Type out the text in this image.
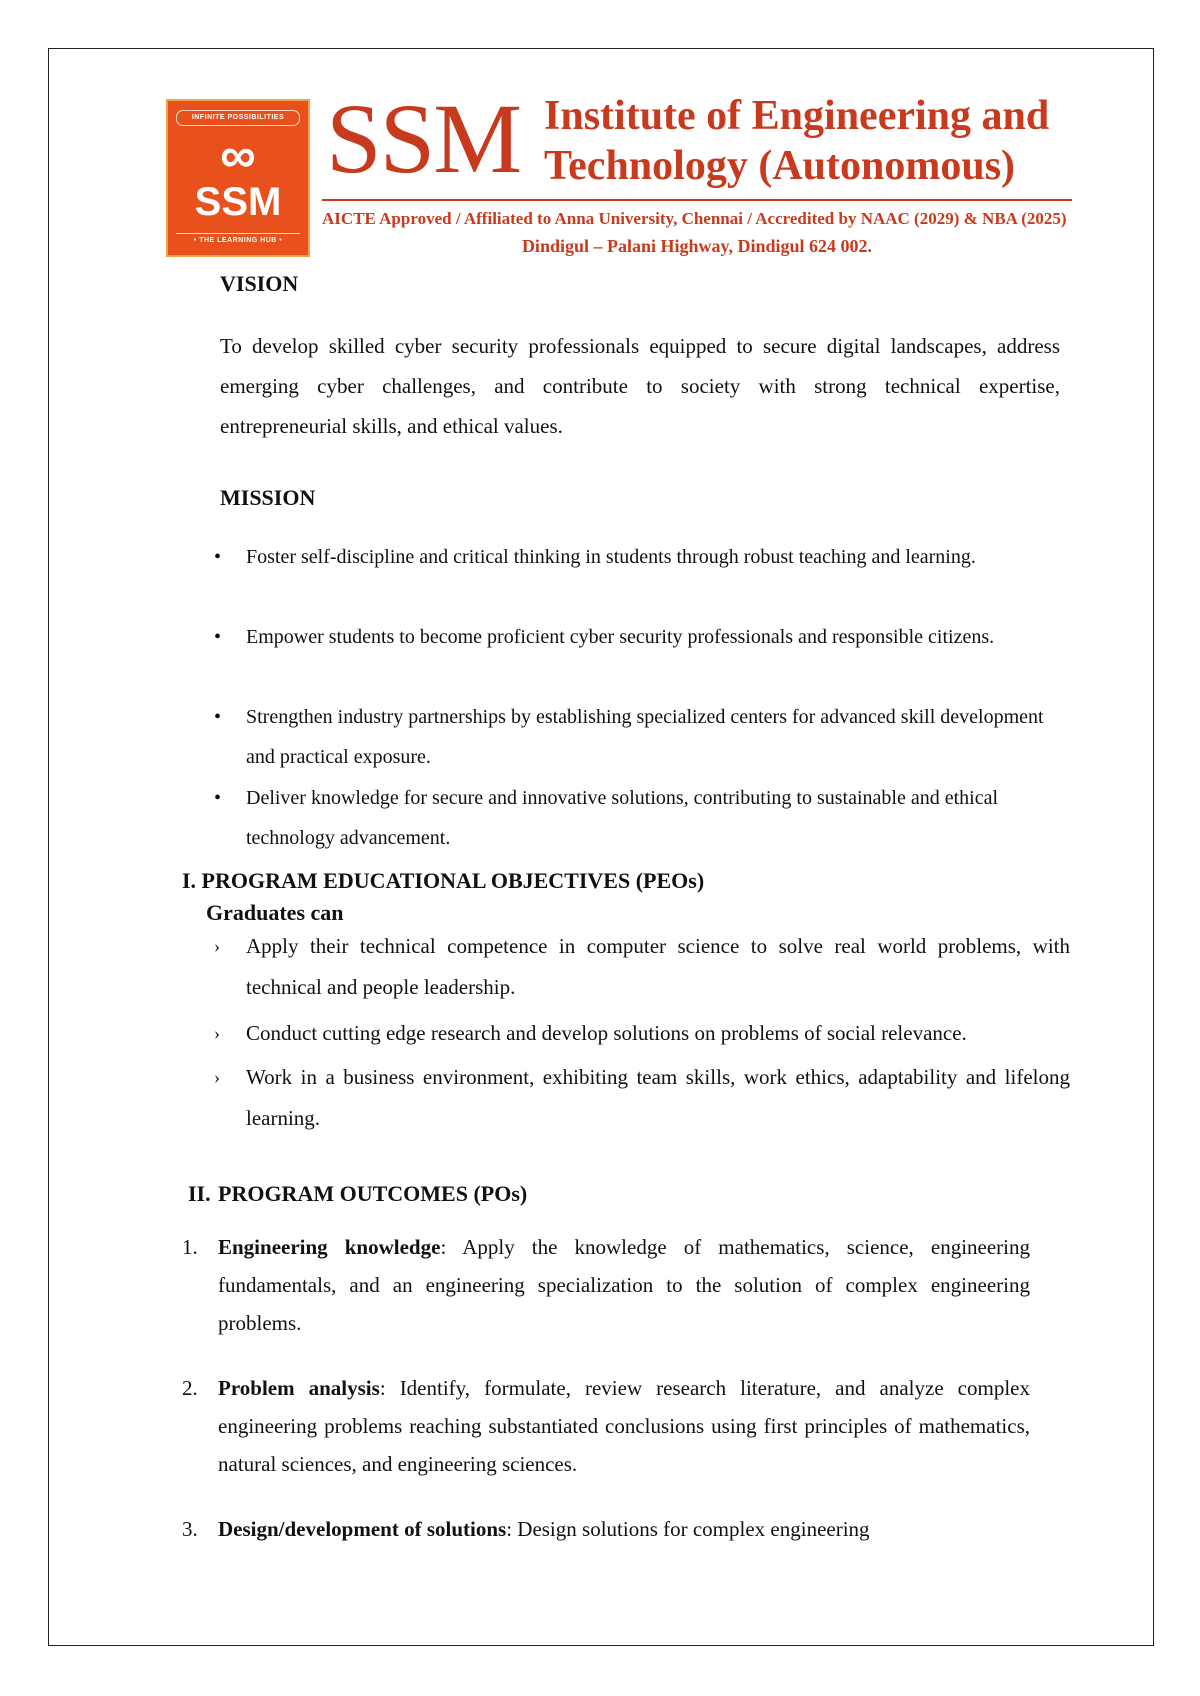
INFINITE POSSIBILITIES
∞
SSM
• THE LEARNING HUB •
SSM Institute of Engineering and
Technology (Autonomous)
AICTE Approved / Affiliated to Anna University, Chennai / Accredited by NAAC (2029) & NBA (2025)
Dindigul – Palani Highway, Dindigul 624 002.
VISION
To develop skilled cyber security professionals equipped to secure digital landscapes, address emerging cyber challenges, and contribute to society with strong technical expertise, entrepreneurial skills, and ethical values.
MISSION
•	Foster self-discipline and critical thinking in students through robust teaching and learning.
•	Empower students to become proficient cyber security professionals and responsible citizens.
•	Strengthen industry partnerships by establishing specialized centers for advanced skill development and practical exposure.
•	Deliver knowledge for secure and innovative solutions, contributing to sustainable and ethical technology advancement.
I. PROGRAM EDUCATIONAL OBJECTIVES (PEOs)
Graduates can
› Apply their technical competence in computer science to solve real world problems, with technical and people leadership.
› Conduct cutting edge research and develop solutions on problems of social relevance.
› Work in a business environment, exhibiting team skills, work ethics, adaptability and lifelong learning.
II. PROGRAM OUTCOMES (POs)
1. Engineering knowledge: Apply the knowledge of mathematics, science, engineering fundamentals, and an engineering specialization to the solution of complex engineering problems.
2. Problem analysis: Identify, formulate, review research literature, and analyze complex engineering problems reaching substantiated conclusions using first principles of mathematics, natural sciences, and engineering sciences.
3. Design/development of solutions: Design solutions for complex engineering
